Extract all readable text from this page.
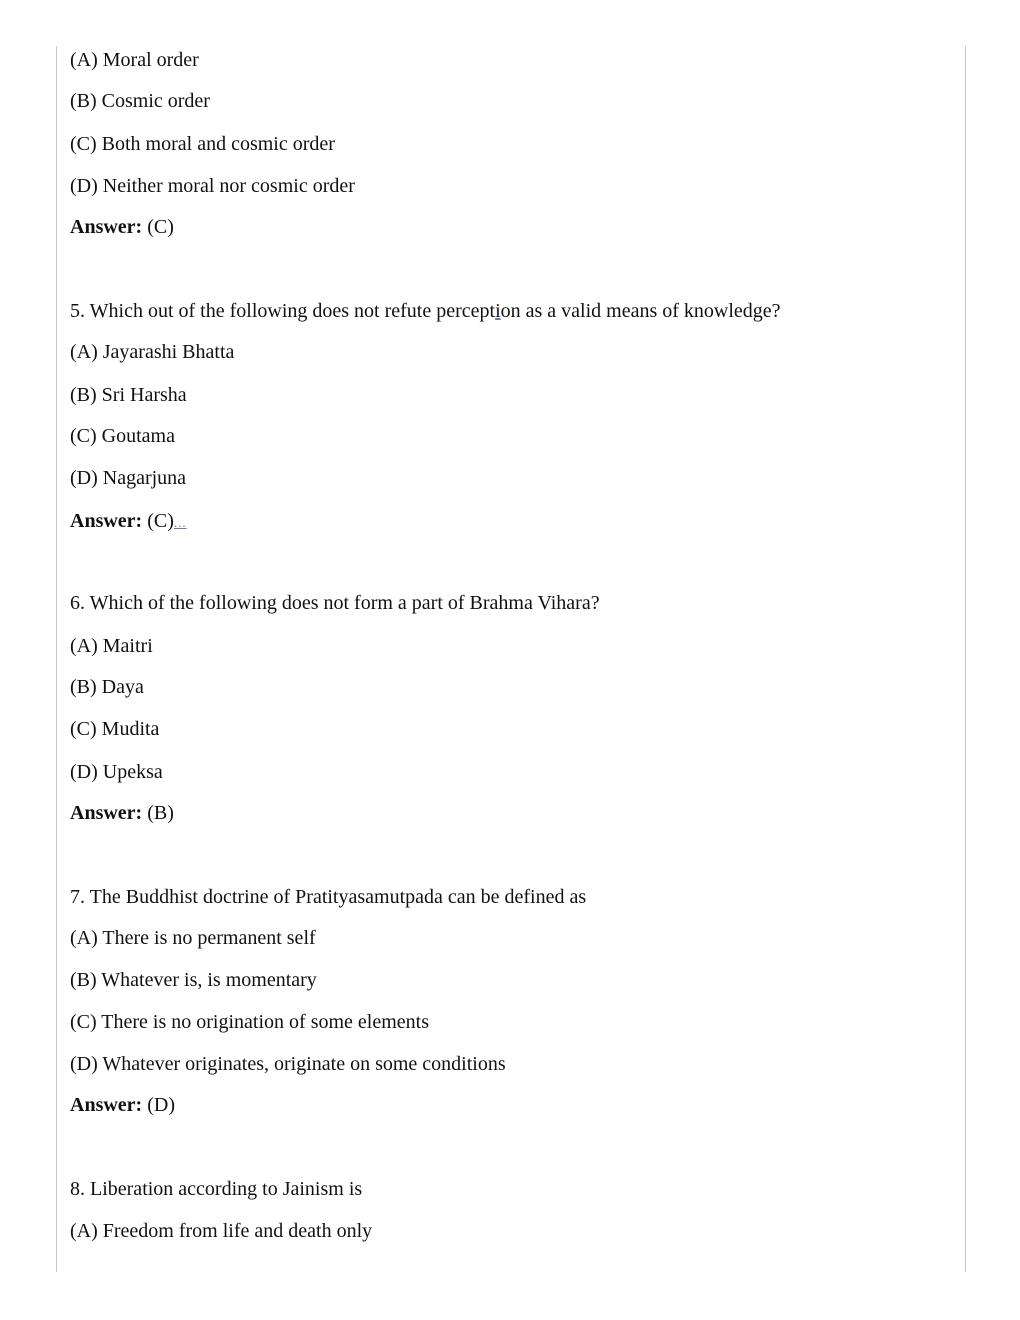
(A) Moral order
(B) Cosmic order
(C) Both moral and cosmic order
(D) Neither moral nor cosmic order
Answer: (C)
5. Which out of the following does not refute perception as a valid means of knowledge?
(A) Jayarashi Bhatta
(B) Sri Harsha
(C) Goutama
(D) Nagarjuna
Answer: (C)...
6. Which of the following does not form a part of Brahma Vihara?
(A) Maitri
(B) Daya
(C) Mudita
(D) Upeksa
Answer: (B)
7. The Buddhist doctrine of Pratityasamutpada can be defined as
(A) There is no permanent self
(B) Whatever is, is momentary
(C) There is no origination of some elements
(D) Whatever originates, originate on some conditions
Answer: (D)
8. Liberation according to Jainism is
(A) Freedom from life and death only
